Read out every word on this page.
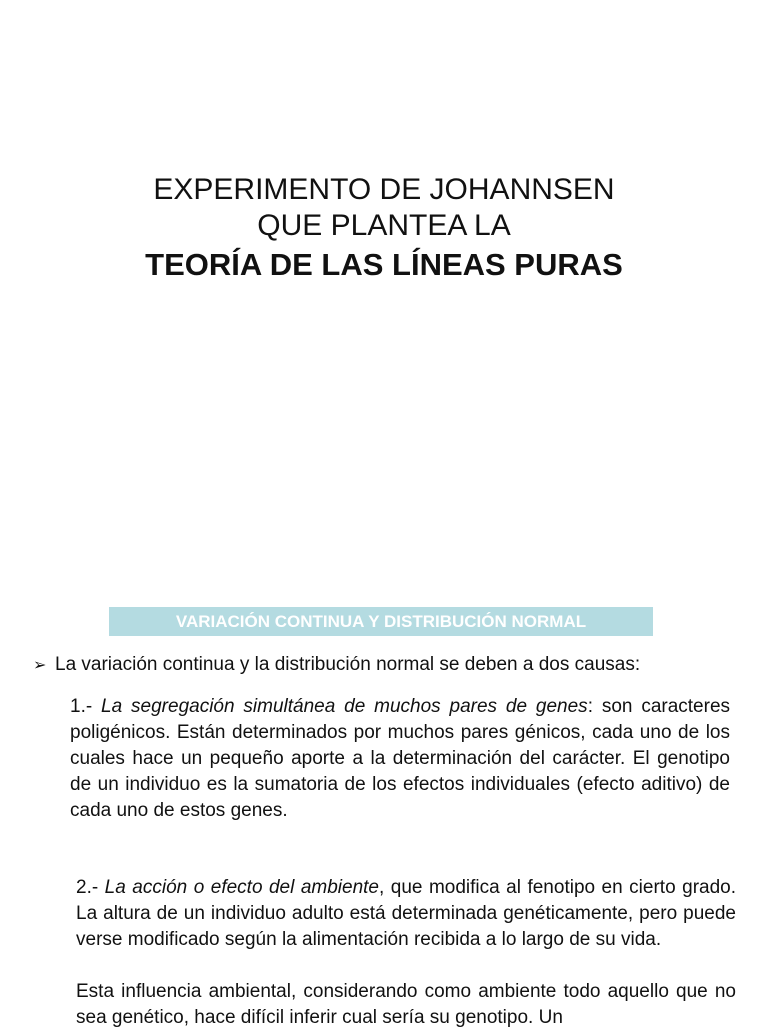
EXPERIMENTO DE JOHANNSEN

QUE PLANTEA LA

TEORÍA DE LAS LÍNEAS PURAS

VARIACIÓN CONTINUA Y DISTRIBUCIÓN NORMAL
➢ La variación continua y la distribución normal se deben a dos causas:

1.- La segregación simultánea de muchos pares de genes: son caracteres poligénicos. Están determinados por muchos pares génicos, cada uno de los cuales hace un pequeño aporte a la determinación del carácter. El genotipo de un individuo es la sumatoria de los efectos individuales (efecto aditivo) de cada uno de estos genes.

2.- La acción o efecto del ambiente, que modifica al fenotipo en cierto grado. La altura de un individuo adulto está determinada genéticamente, pero puede verse modificado según la alimentación recibida a lo largo de su vida.

Esta influencia ambiental, considerando como ambiente todo aquello que no sea genético, hace difícil inferir cual sería su genotipo. Un
